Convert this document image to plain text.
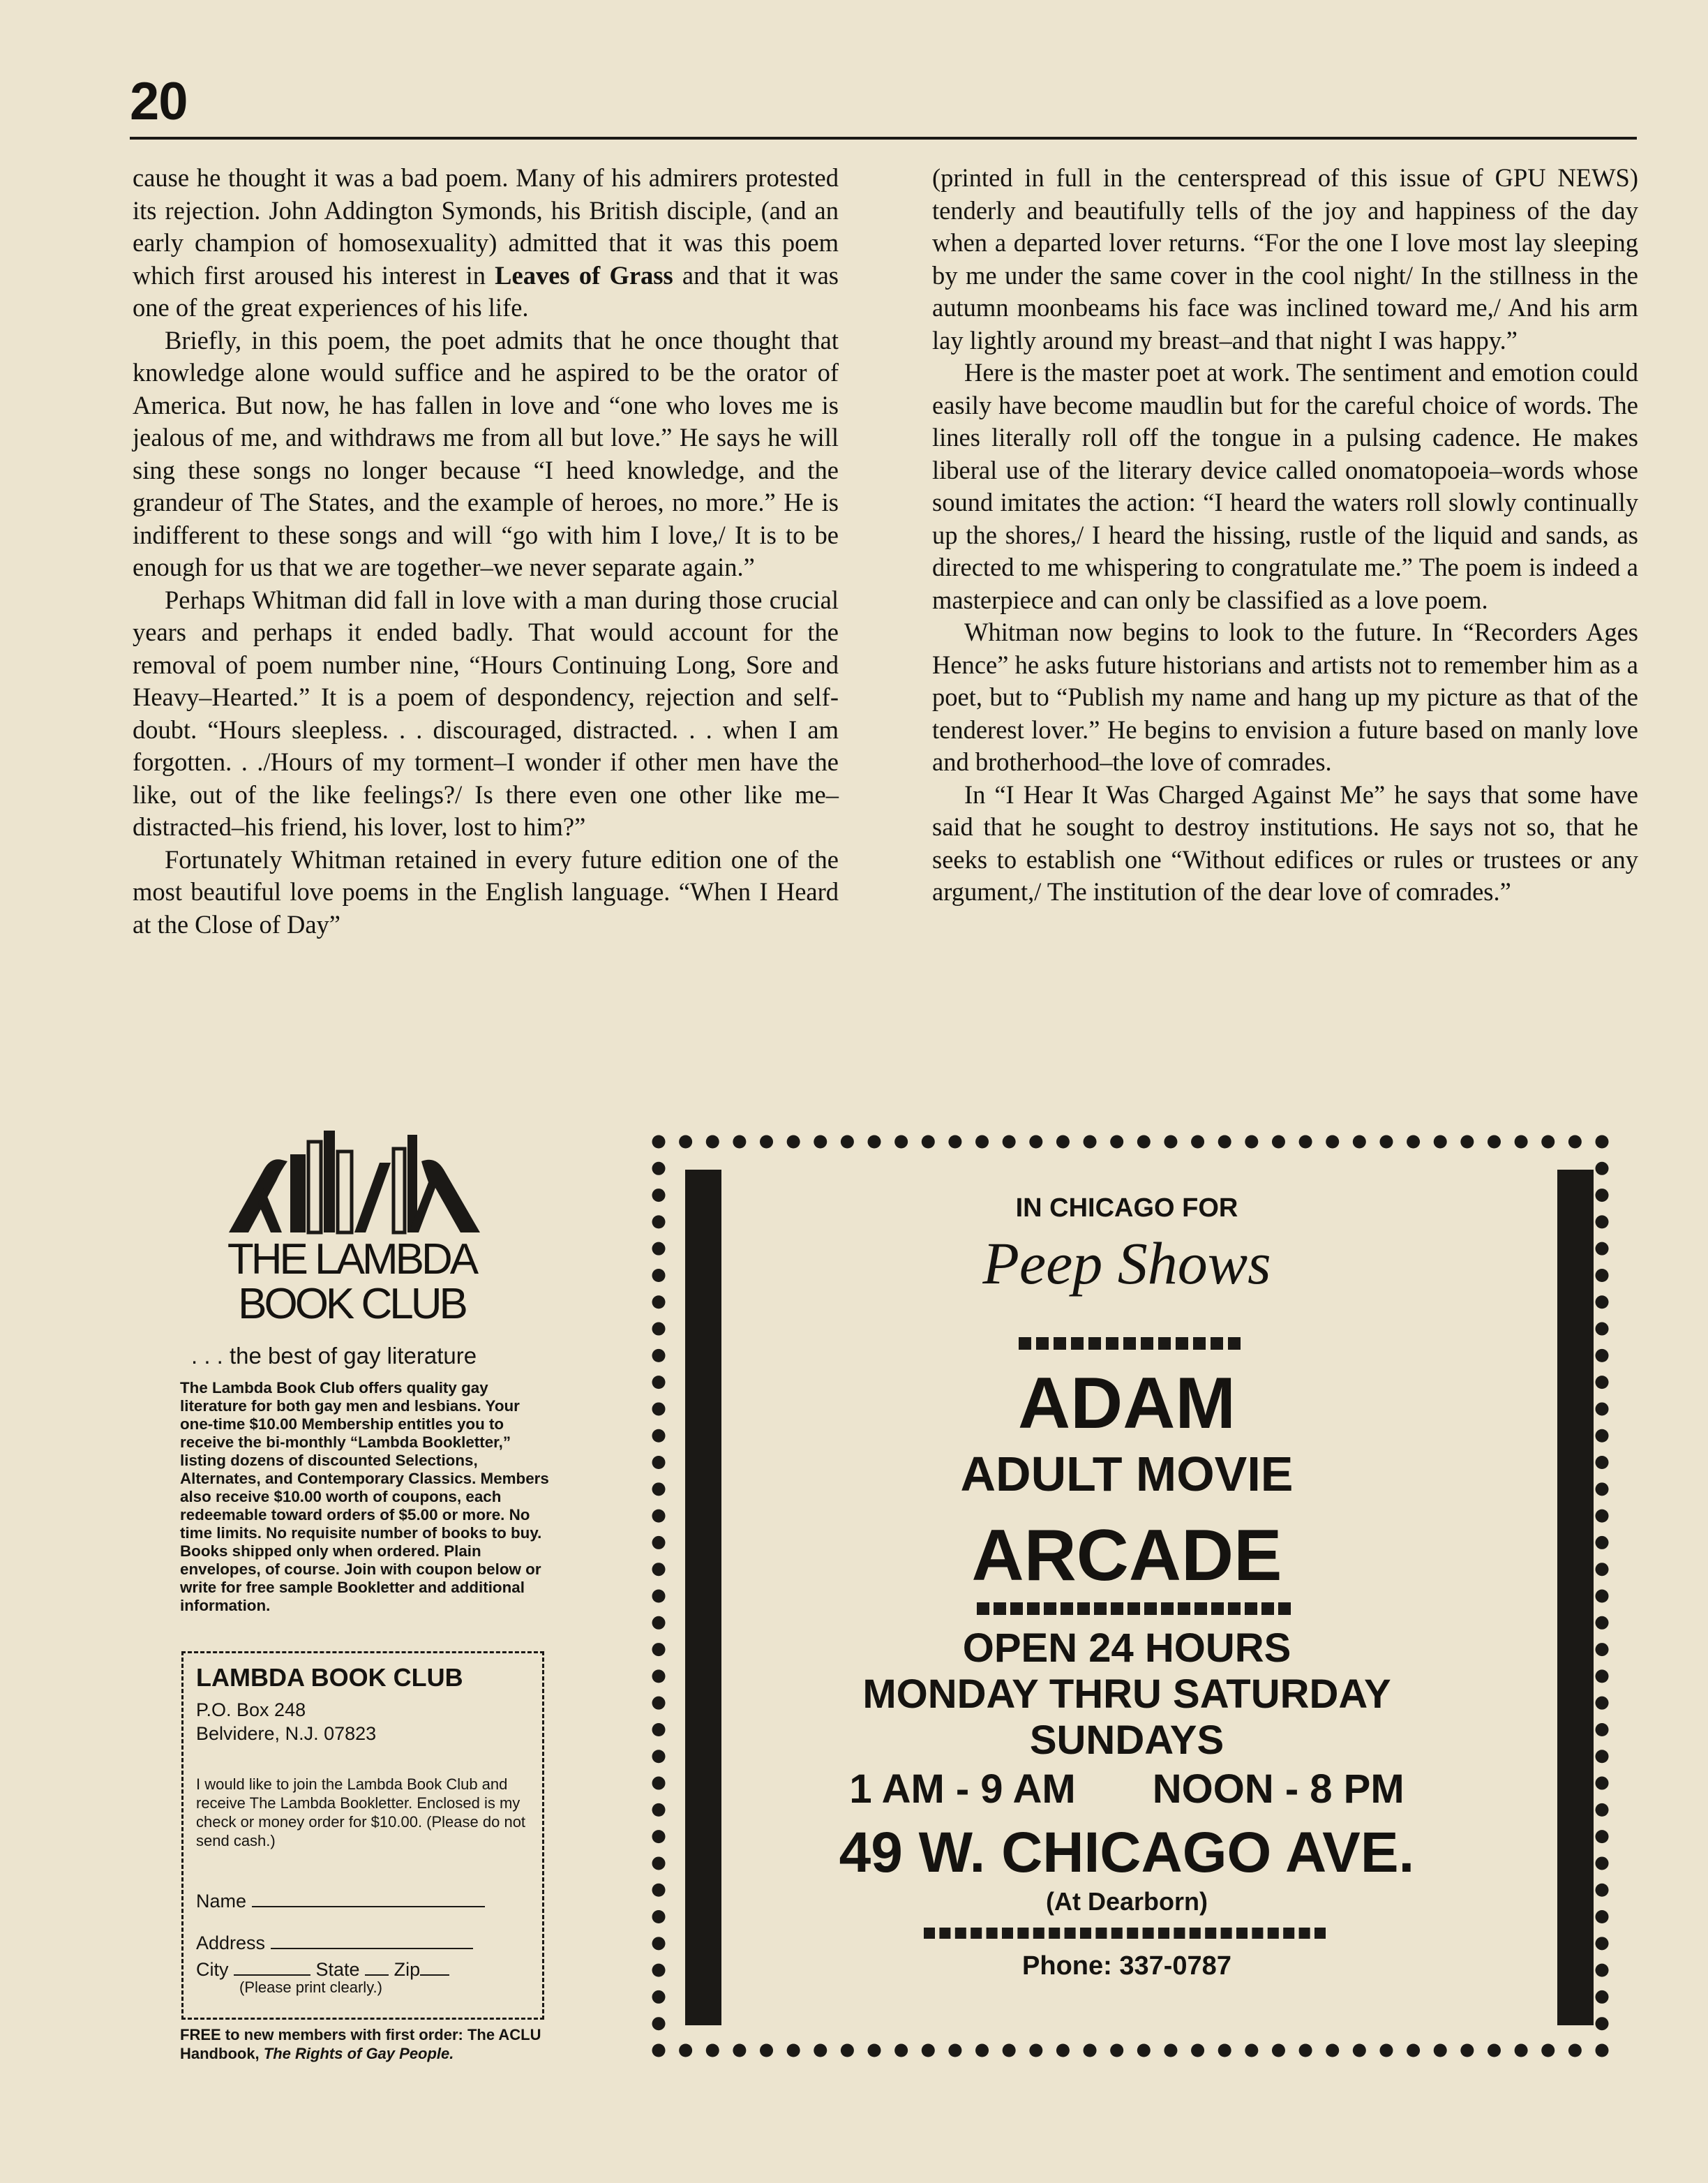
20

cause he thought it was a bad poem. Many of his admirers protested its rejection. John Addington Symonds, his British disciple, (and an early champion of homosexuality) admitted that it was this poem which first aroused his interest in Leaves of Grass and that it was one of the great experiences of his life.

Briefly, in this poem, the poet admits that he once thought that knowledge alone would suffice and he aspired to be the orator of America. But now, he has fallen in love and “one who loves me is jealous of me, and withdraws me from all but love.” He says he will sing these songs no longer because “I heed knowledge, and the grandeur of The States, and the example of heroes, no more.” He is indifferent to these songs and will “go with him I love,/ It is to be enough for us that we are together–we never separate again.”

Perhaps Whitman did fall in love with a man during those crucial years and perhaps it ended badly. That would account for the removal of poem number nine, “Hours Continuing Long, Sore and Heavy–Hearted.” It is a poem of despondency, rejection and self-doubt. “Hours sleepless. . . discouraged, distracted. . . when I am forgotten. . ./Hours of my torment–I wonder if other men have the like, out of the like feelings?/ Is there even one other like me–distracted–his friend, his lover, lost to him?”

Fortunately Whitman retained in every future edition one of the most beautiful love poems in the English language. “When I Heard at the Close of Day”

(printed in full in the centerspread of this issue of GPU NEWS) tenderly and beautifully tells of the joy and happiness of the day when a departed lover returns. “For the one I love most lay sleeping by me under the same cover in the cool night/ In the stillness in the autumn moonbeams his face was inclined toward me,/ And his arm lay lightly around my breast–and that night I was happy.”

Here is the master poet at work. The sentiment and emotion could easily have become maudlin but for the careful choice of words. The lines literally roll off the tongue in a pulsing cadence. He makes liberal use of the literary device called onomatopoeia–words whose sound imitates the action: “I heard the waters roll slowly continually up the shores,/ I heard the hissing, rustle of the liquid and sands, as directed to me whispering to congratulate me.” The poem is indeed a masterpiece and can only be classified as a love poem.

Whitman now begins to look to the future. In “Recorders Ages Hence” he asks future historians and artists not to remember him as a poet, but to “Publish my name and hang up my picture as that of the tenderest lover.” He begins to envision a future based on manly love and brotherhood–the love of comrades.

In “I Hear It Was Charged Against Me” he says that some have said that he sought to destroy institutions. He says not so, that he seeks to establish one “Without edifices or rules or trustees or any argument,/ The institution of the dear love of comrades.”

THE LAMBDA
BOOK CLUB
. . . the best of gay literature
The Lambda Book Club offers quality gay literature for both gay men and lesbians. Your one-time $10.00 Membership entitles you to receive the bi-monthly “Lambda Bookletter,” listing dozens of discounted Selections, Alternates, and Contemporary Classics. Members also receive $10.00 worth of coupons, each redeemable toward orders of $5.00 or more. No time limits. No requisite number of books to buy. Books shipped only when ordered. Plain envelopes, of course. Join with coupon below or write for free sample Bookletter and additional information.
LAMBDA BOOK CLUB
P.O. Box 248
Belvidere, N.J. 07823
I would like to join the Lambda Book Club and receive The Lambda Bookletter. Enclosed is my check or money order for $10.00. (Please do not send cash.)
Name
Address
City	State Zip
(Please print clearly.)
FREE to new members with first order: The ACLU Handbook, The Rights of Gay People.
IN CHICAGO FOR
Peep Shows
ADAM
ADULT MOVIE
ARCADE
OPEN 24 HOURS
MONDAY THRU SATURDAY
SUNDAYS
1 AM - 9 AM NOON - 8 PM
49 W. CHICAGO AVE.
(At Dearborn)
Phone: 337-0787
